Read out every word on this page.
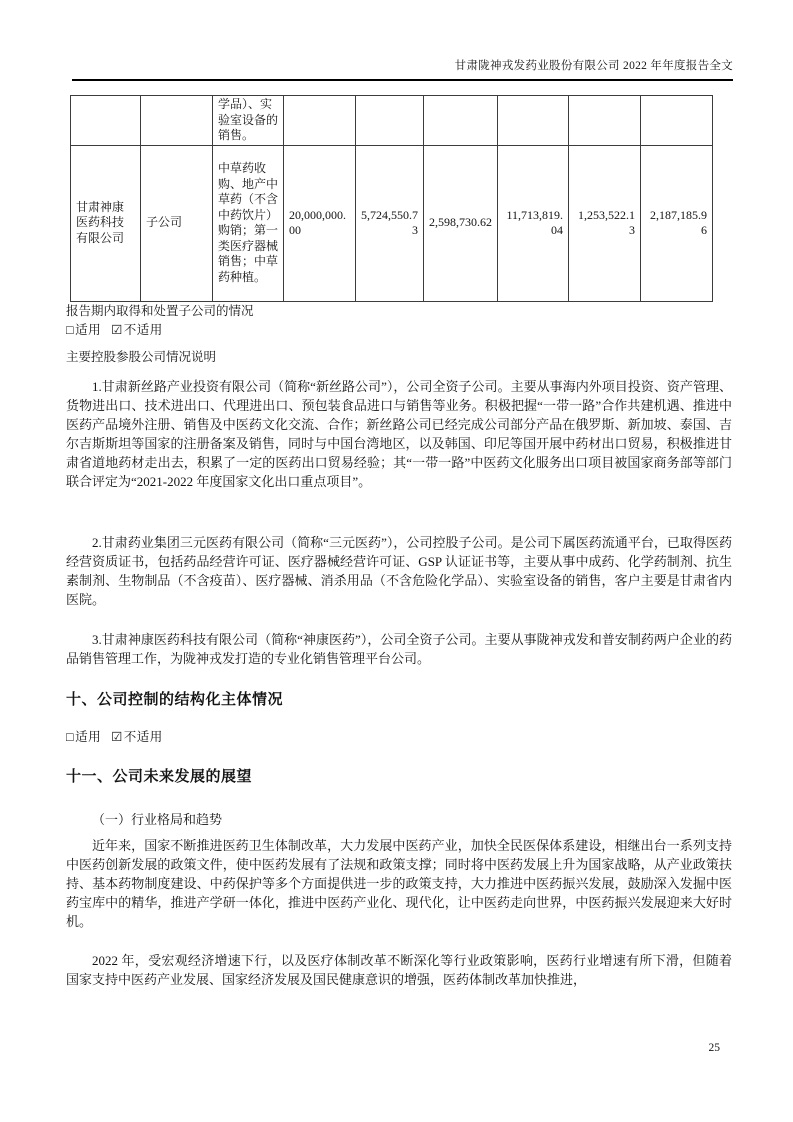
甘肃陇神戎发药业股份有限公司 2022 年年度报告全文
		学品）、实验室设备的销售。						
甘肃神康医药科技有限公司	子公司	中草药收购、地产中草药（不含中药饮片）购销；第一类医疗器械销售；中草药种植。	20,000,000.00	5,724,550.73	2,598,730.62	11,713,819.04	1,253,522.13	2,187,185.96
报告期内取得和处置子公司的情况
□适用 ☑不适用
主要控股参股公司情况说明
1.甘肃新丝路产业投资有限公司（简称“新丝路公司”），公司全资子公司。主要从事海内外项目投资、资产管理、货物进出口、技术进出口、代理进出口、预包装食品进口与销售等业务。积极把握“一带一路”合作共建机遇、推进中医药产品境外注册、销售及中医药文化交流、合作；新丝路公司已经完成公司部分产品在俄罗斯、新加坡、泰国、吉尔吉斯斯坦等国家的注册备案及销售，同时与中国台湾地区，以及韩国、印尼等国开展中药材出口贸易，积极推进甘肃省道地药材走出去，积累了一定的医药出口贸易经验；其“一带一路”中医药文化服务出口项目被国家商务部等部门联合评定为“2021-2022 年度国家文化出口重点项目”。
2.甘肃药业集团三元医药有限公司（简称“三元医药”），公司控股子公司。是公司下属医药流通平台，已取得医药经营资质证书，包括药品经营许可证、医疗器械经营许可证、GSP 认证证书等，主要从事中成药、化学药制剂、抗生素制剂、生物制品（不含疫苗）、医疗器械、消杀用品（不含危险化学品）、实验室设备的销售，客户主要是甘肃省内医院。
3.甘肃神康医药科技有限公司（简称“神康医药”），公司全资子公司。主要从事陇神戎发和普安制药两户企业的药品销售管理工作，为陇神戎发打造的专业化销售管理平台公司。
十、公司控制的结构化主体情况
□适用 ☑不适用
十一、公司未来发展的展望
（一）行业格局和趋势
近年来，国家不断推进医药卫生体制改革，大力发展中医药产业，加快全民医保体系建设，相继出台一系列支持中医药创新发展的政策文件，使中医药发展有了法规和政策支撑；同时将中医药发展上升为国家战略，从产业政策扶持、基本药物制度建设、中药保护等多个方面提供进一步的政策支持，大力推进中医药振兴发展，鼓励深入发掘中医药宝库中的精华，推进产学研一体化，推进中医药产业化、现代化，让中医药走向世界，中医药振兴发展迎来大好时机。
2022 年，受宏观经济增速下行，以及医疗体制改革不断深化等行业政策影响，医药行业增速有所下滑，但随着国家支持中医药产业发展、国家经济发展及国民健康意识的增强，医药体制改革加快推进，
25
